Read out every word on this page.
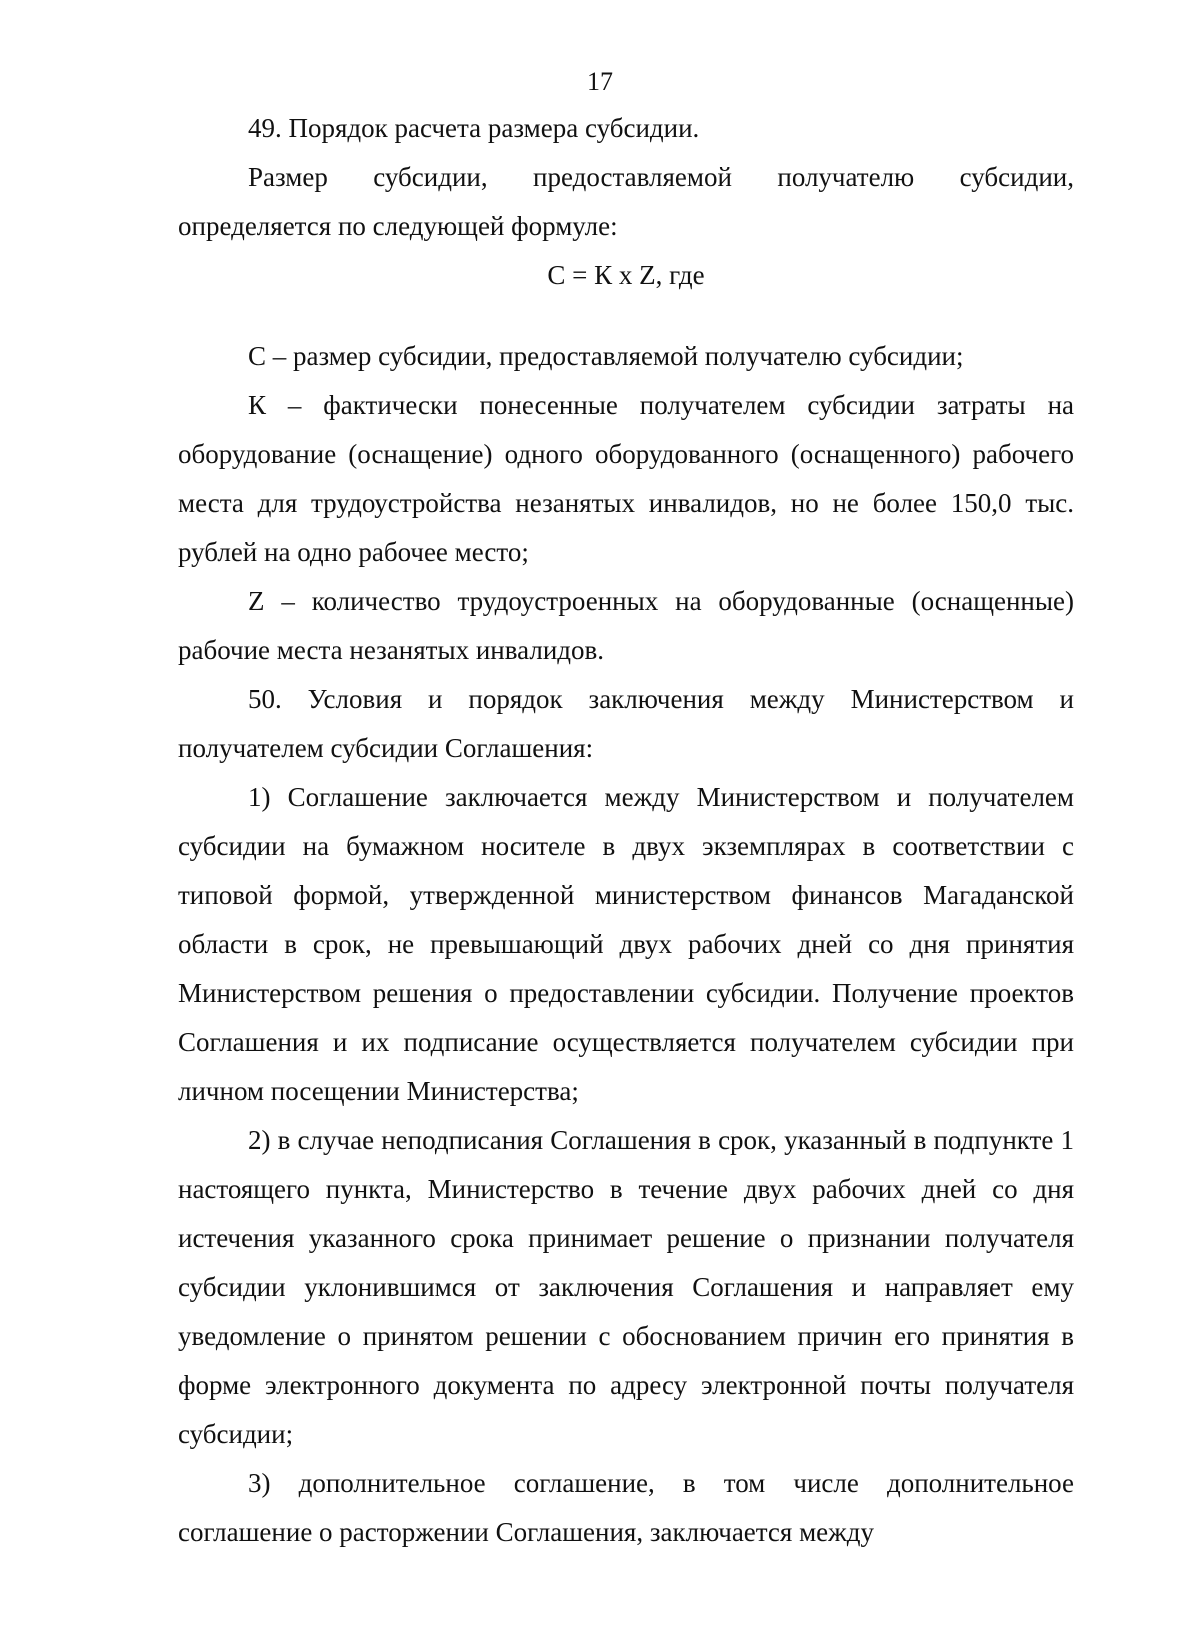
17

49. Порядок расчета размера субсидии.

Размер субсидии, предоставляемой получателю субсидии, определяется по следующей формуле:

С = К х Z, где

С – размер субсидии, предоставляемой получателю субсидии;

К – фактически понесенные получателем субсидии затраты на оборудование (оснащение) одного оборудованного (оснащенного) рабочего места для трудоустройства незанятых инвалидов, но не более 150,0 тыс. рублей на одно рабочее место;

Z – количество трудоустроенных на оборудованные (оснащенные) рабочие места незанятых инвалидов.

50. Условия и порядок заключения между Министерством и получателем субсидии Соглашения:

1) Соглашение заключается между Министерством и получателем субсидии на бумажном носителе в двух экземплярах в соответствии с типовой формой, утвержденной министерством финансов Магаданской области в срок, не превышающий двух рабочих дней со дня принятия Министерством решения о предоставлении субсидии. Получение проектов Соглашения и их подписание осуществляется получателем субсидии при личном посещении Министерства;

2) в случае неподписания Соглашения в срок, указанный в подпункте 1 настоящего пункта, Министерство в течение двух рабочих дней со дня истечения указанного срока принимает решение о признании получателя субсидии уклонившимся от заключения Соглашения и направляет ему уведомление о принятом решении с обоснованием причин его принятия в форме электронного документа по адресу электронной почты получателя субсидии;

3) дополнительное соглашение, в том числе дополнительное соглашение о расторжении Соглашения, заключается между
